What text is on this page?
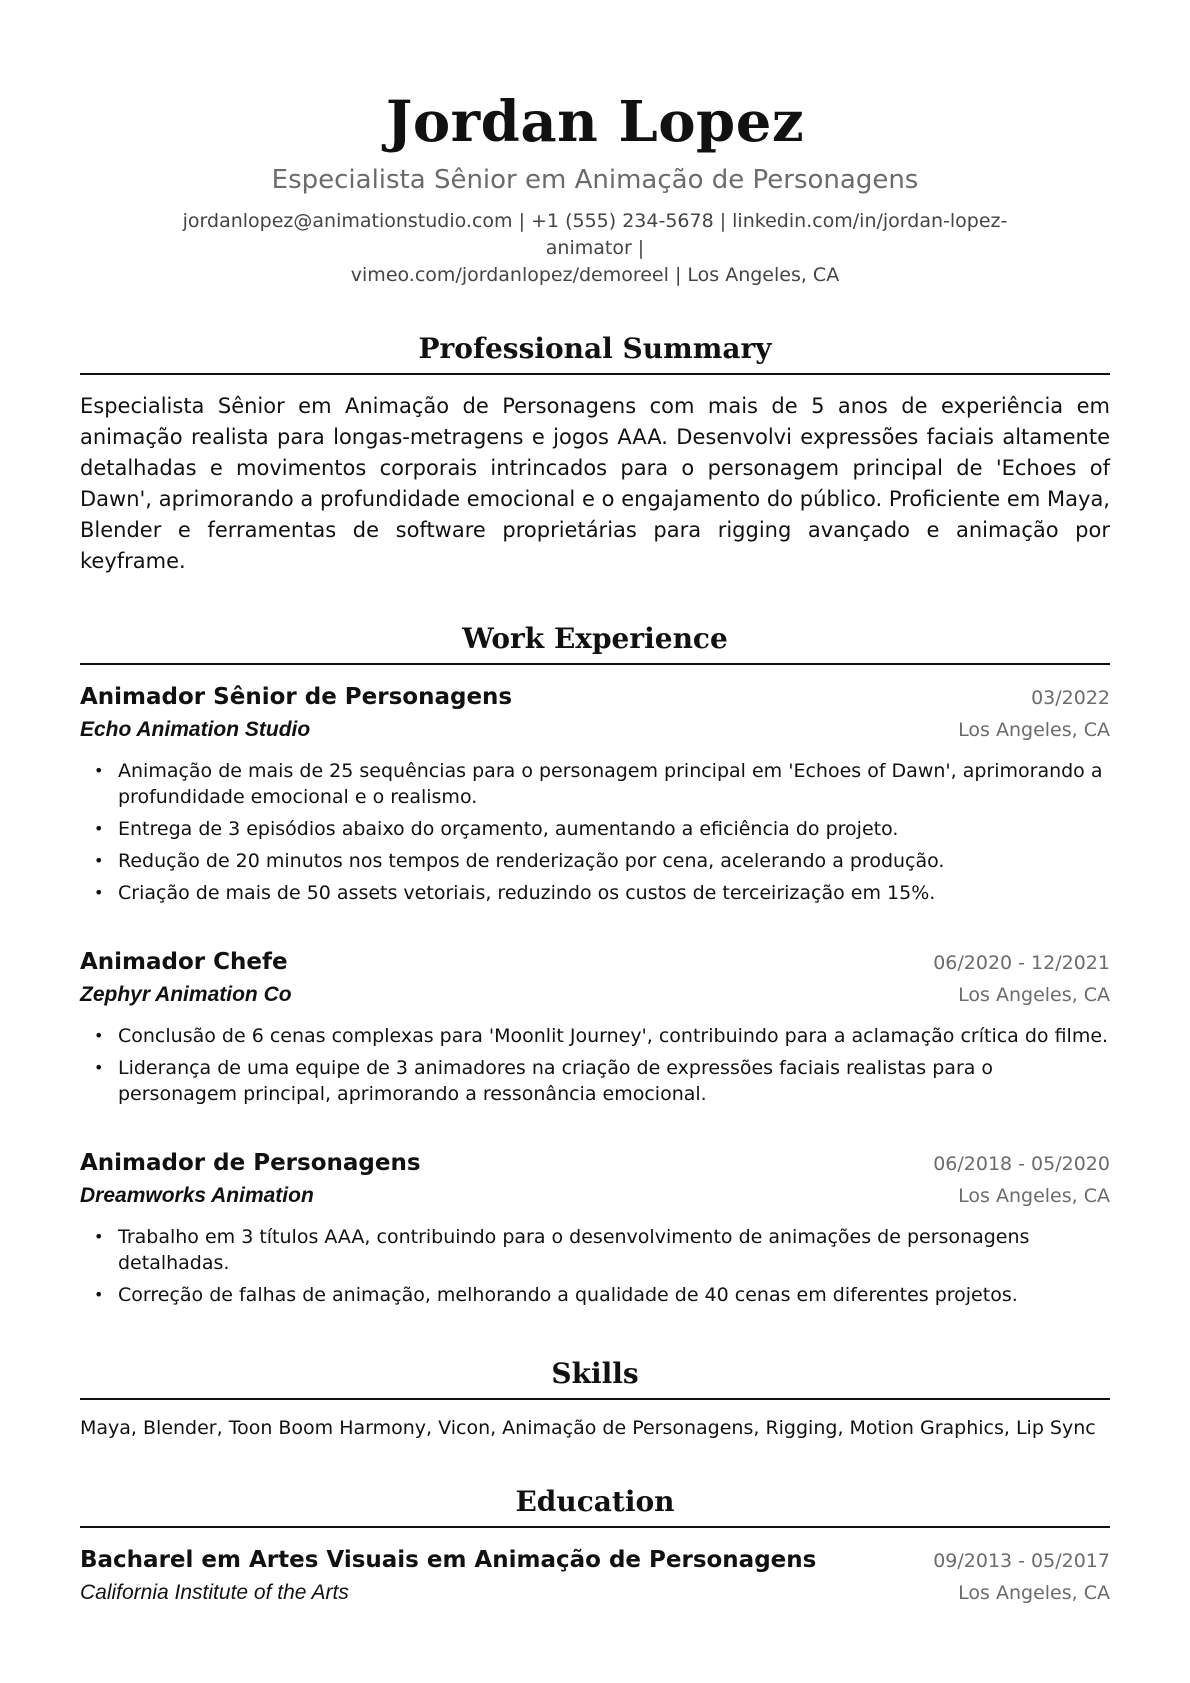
Jordan Lopez
Especialista Sênior em Animação de Personagens
jordanlopez@animationstudio.com | +1 (555) 234-5678 | linkedin.com/in/jordan-lopez-animator |
vimeo.com/jordanlopez/demoreel | Los Angeles, CA
Professional Summary
Especialista Sênior em Animação de Personagens com mais de 5 anos de experiência em animação realista para longas-metragens e jogos AAA. Desenvolvi expressões faciais altamente detalhadas e movimentos corporais intrincados para o personagem principal de 'Echoes of Dawn', aprimorando a profundidade emocional e o engajamento do público. Proficiente em Maya, Blender e ferramentas de software proprietárias para rigging avançado e animação por keyframe.
Work Experience
Animador Sênior de Personagens	03/2022
Echo Animation Studio	Los Angeles, CA
• Animação de mais de 25 sequências para o personagem principal em 'Echoes of Dawn', aprimorando a profundidade emocional e o realismo.
• Entrega de 3 episódios abaixo do orçamento, aumentando a eficiência do projeto.
• Redução de 20 minutos nos tempos de renderização por cena, acelerando a produção.
• Criação de mais de 50 assets vetoriais, reduzindo os custos de terceirização em 15%.
Animador Chefe	06/2020 - 12/2021
Zephyr Animation Co	Los Angeles, CA
• Conclusão de 6 cenas complexas para 'Moonlit Journey', contribuindo para a aclamação crítica do filme.
• Liderança de uma equipe de 3 animadores na criação de expressões faciais realistas para o personagem principal, aprimorando a ressonância emocional.
Animador de Personagens	06/2018 - 05/2020
Dreamworks Animation	Los Angeles, CA
• Trabalho em 3 títulos AAA, contribuindo para o desenvolvimento de animações de personagens detalhadas.
• Correção de falhas de animação, melhorando a qualidade de 40 cenas em diferentes projetos.
Skills
Maya, Blender, Toon Boom Harmony, Vicon, Animação de Personagens, Rigging, Motion Graphics, Lip Sync
Education
Bacharel em Artes Visuais em Animação de Personagens	09/2013 - 05/2017
California Institute of the Arts	Los Angeles, CA
